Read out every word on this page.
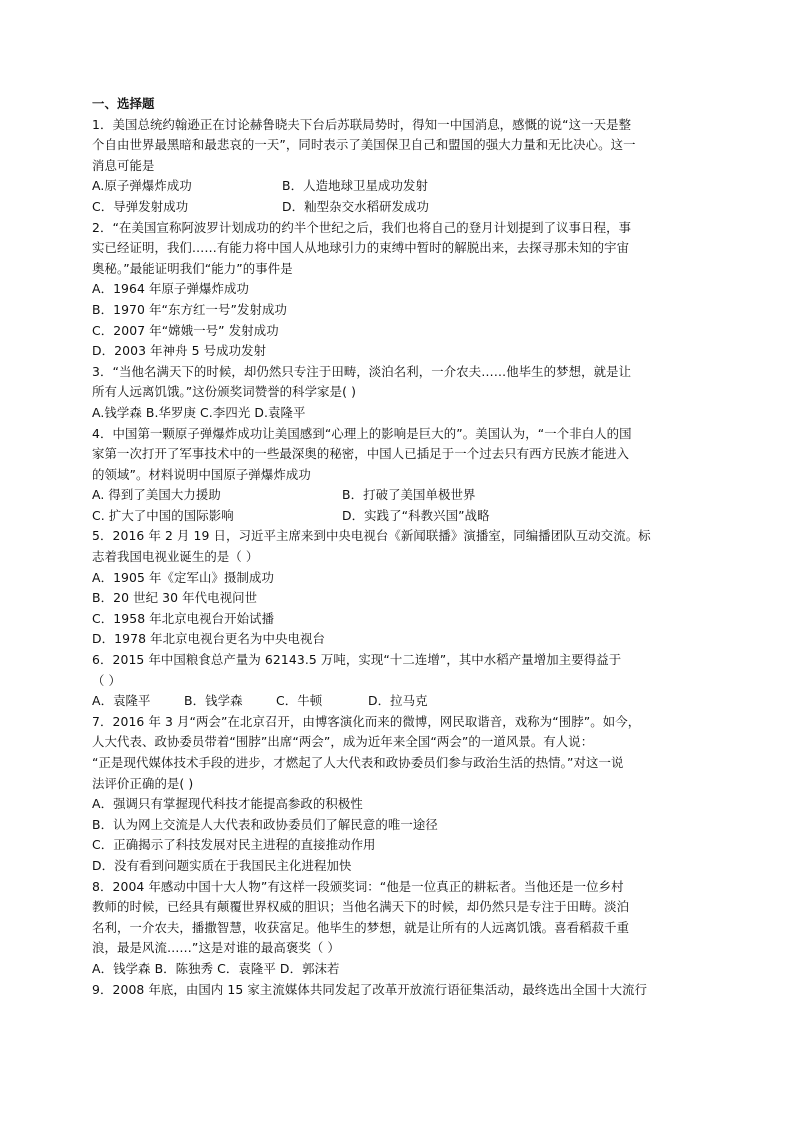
一、选择题
1．美国总统约翰逊正在讨论赫鲁晓夫下台后苏联局势时，得知一中国消息，感慨的说“这一天是整
个自由世界最黑暗和最悲哀的一天”，同时表示了美国保卫自己和盟国的强大力量和无比决心。这一
消息可能是
A.原子弹爆炸成功	B．人造地球卫星成功发射
C．导弹发射成功	D．籼型杂交水稻研发成功
2．“在美国宣称阿波罗计划成功的约半个世纪之后，我们也将自己的登月计划提到了议事日程，事
实已经证明，我们……有能力将中国人从地球引力的束缚中暂时的解脱出来，去探寻那未知的宇宙
奥秘。”最能证明我们“能力”的事件是
A．1964 年原子弹爆炸成功
B．1970 年“东方红一号”发射成功
C．2007 年“嫦娥一号” 发射成功
D．2003 年神舟 5 号成功发射
3．“当他名满天下的时候，却仍然只专注于田畴，淡泊名利，一介农夫……他毕生的梦想，就是让
所有人远离饥饿。”这份颁奖词赞誉的科学家是( )
A.钱学森 B.华罗庚 C.李四光 D.袁隆平
4．中国第一颗原子弹爆炸成功让美国感到“心理上的影响是巨大的”。美国认为，“一个非白人的国
家第一次打开了军事技术中的一些最深奥的秘密，中国人已插足于一个过去只有西方民族才能进入
的领域”。材料说明中国原子弹爆炸成功
A. 得到了美国大力援助	B．打破了美国单极世界
C. 扩大了中国的国际影响	D．实践了“科教兴国”战略
5．2016 年 2 月 19 日，习近平主席来到中央电视台《新闻联播》演播室，同编播团队互动交流。标
志着我国电视业诞生的是（ ）
A．1905 年《定军山》摄制成功
B．20 世纪 30 年代电视问世
C．1958 年北京电视台开始试播
D．1978 年北京电视台更名为中央电视台
6．2015 年中国粮食总产量为 62143.5 万吨，实现“十二连增”，其中水稻产量增加主要得益于
（ ）
A．袁隆平	B．钱学森	C．牛顿	D．拉马克
7．2016 年 3 月“两会”在北京召开，由博客演化而来的微博，网民取谐音，戏称为“围脖”。如今，
人大代表、政协委员带着“围脖”出席“两会”，成为近年来全国“两会”的一道风景。有人说：
“正是现代媒体技术手段的进步，才燃起了人大代表和政协委员们参与政治生活的热情。”对这一说
法评价正确的是( )
A．强调只有掌握现代科技才能提高参政的积极性
B．认为网上交流是人大代表和政协委员们了解民意的唯一途径
C．正确揭示了科技发展对民主进程的直接推动作用
D．没有看到问题实质在于我国民主化进程加快
8．2004 年感动中国十大人物”有这样一段颁奖词：“他是一位真正的耕耘者。当他还是一位乡村
教师的时候，已经具有颠覆世界权威的胆识；当他名满天下的时候，却仍然只是专注于田畴。淡泊
名利，一介农夫，播撒智慧，收获富足。他毕生的梦想，就是让所有的人远离饥饿。喜看稻菽千重
浪，最是风流……”这是对谁的最高褒奖（ ）
A．钱学森 B．陈独秀 C．袁隆平 D．郭沫若
9．2008 年底，由国内 15 家主流媒体共同发起了改革开放流行语征集活动，最终选出全国十大流行
